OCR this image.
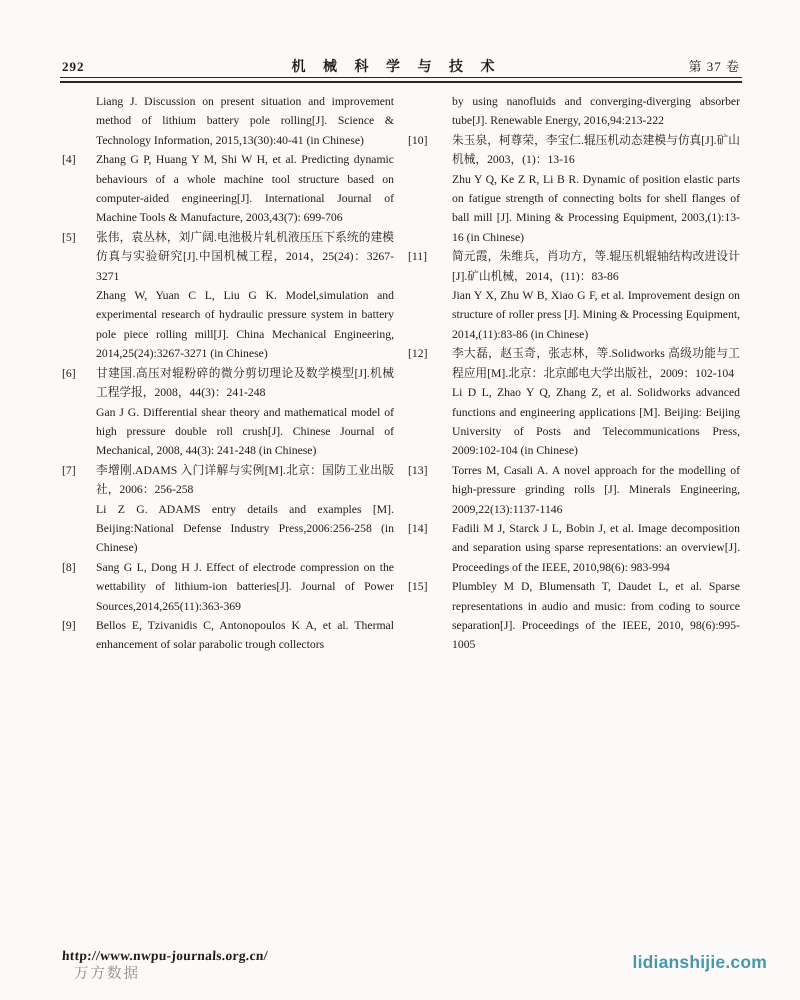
292	机 械 科 学 与 技 术	第 37 卷
Liang J. Discussion on present situation and improvement method of lithium battery pole rolling[J]. Science & Technology Information, 2015,13(30):40-41 (in Chinese)
[4]	Zhang G P, Huang Y M, Shi W H, et al. Predicting dynamic behaviours of a whole machine tool structure based on computer-aided engineering[J]. International Journal of Machine Tools & Manufacture, 2003,43(7): 699-706
[5]	张伟，袁丛林，刘广阔.电池极片轧机液压压下系统的建模仿真与实验研究[J].中国机械工程，2014，25(24)：3267-3271
Zhang W, Yuan C L, Liu G K. Model,simulation and experimental research of hydraulic pressure system in battery pole piece rolling mill[J]. China Mechanical Engineering, 2014,25(24):3267-3271 (in Chinese)
[6]	甘建国.高压对辊粉碎的微分剪切理论及数学模型[J].机械工程学报，2008，44(3)：241-248
Gan J G. Differential shear theory and mathematical model of high pressure double roll crush[J]. Chinese Journal of Mechanical, 2008, 44(3): 241-248 (in Chinese)
[7]	李增刚.ADAMS 入门详解与实例[M].北京：国防工业出版社，2006：256-258
Li Z G. ADAMS entry details and examples [M]. Beijing:National Defense Industry Press,2006:256-258 (in Chinese)
[8]	Sang G L, Dong H J. Effect of electrode compression on the wettability of lithium-ion batteries[J]. Journal of Power Sources,2014,265(11):363-369
[9]	Bellos E, Tzivanidis C, Antonopoulos K A, et al. Thermal enhancement of solar parabolic trough collectors
by using nanofluids and converging-diverging absorber tube[J]. Renewable Energy, 2016,94:213-222
[10]	朱玉泉，柯尊荣，李宝仁.辊压机动态建模与仿真[J].矿山机械，2003，(1)：13-16
Zhu Y Q, Ke Z R, Li B R. Dynamic of position elastic parts on fatigue strength of connecting bolts for shell flanges of ball mill [J]. Mining & Processing Equipment, 2003,(1):13-16 (in Chinese)
[11]	简元霞，朱维兵，肖功方，等.辊压机辊轴结构改进设计[J].矿山机械，2014，(11)：83-86
Jian Y X, Zhu W B, Xiao G F, et al. Improvement design on structure of roller press [J]. Mining & Processing Equipment, 2014,(11):83-86 (in Chinese)
[12]	李大磊，赵玉奇，张志林，等.Solidworks 高级功能与工程应用[M].北京：北京邮电大学出版社，2009：102-104
Li D L, Zhao Y Q, Zhang Z, et al. Solidworks advanced functions and engineering applications [M]. Beijing: Beijing University of Posts and Telecommunications Press, 2009:102-104 (in Chinese)
[13]	Torres M, Casali A. A novel approach for the modelling of high-pressure grinding rolls [J]. Minerals Engineering, 2009,22(13):1137-1146
[14]	Fadili M J, Starck J L, Bobin J, et al. Image decomposition and separation using sparse representations: an overview[J]. Proceedings of the IEEE, 2010,98(6): 983-994
[15]	Plumbley M D, Blumensath T, Daudet L, et al. Sparse representations in audio and music: from coding to source separation[J]. Proceedings of the IEEE, 2010, 98(6):995-1005
http://www.nwpu-journals.org.cn/
万方数据
lidianshijie.com
